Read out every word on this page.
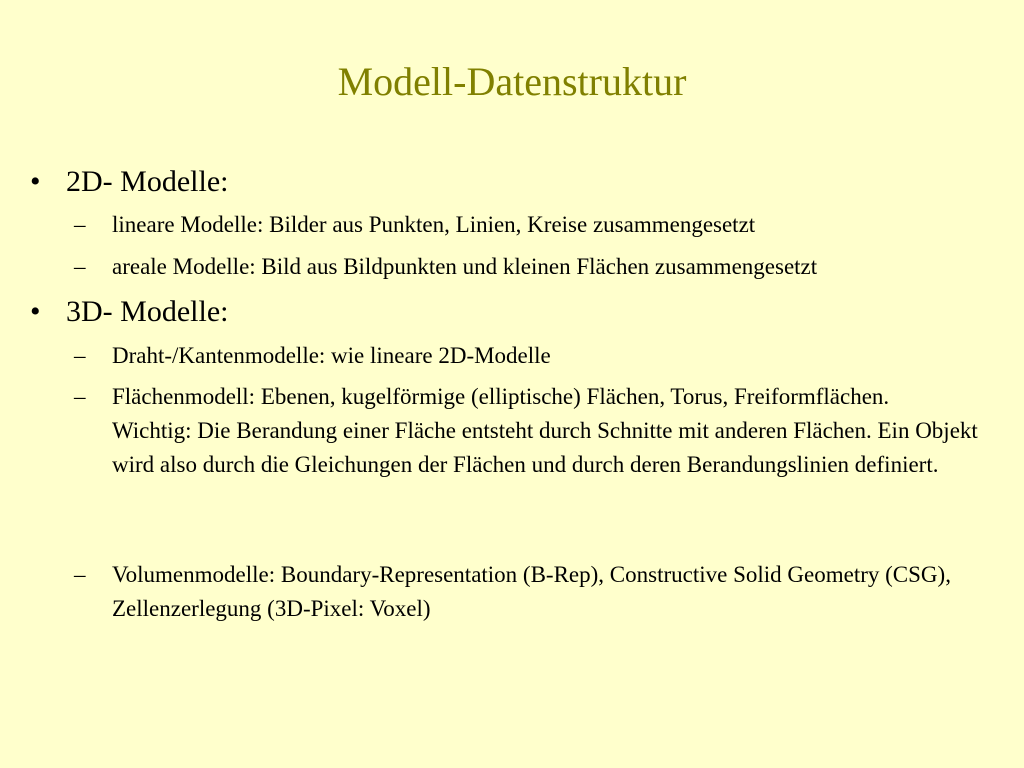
Modell-Datenstruktur
• 2D- Modelle:
– lineare Modelle: Bilder aus Punkten, Linien, Kreise zusammengesetzt
– areale Modelle: Bild aus Bildpunkten und kleinen Flächen zusammengesetzt
• 3D- Modelle:
– Draht-/Kantenmodelle: wie lineare 2D-Modelle
– Flächenmodell: Ebenen, kugelförmige (elliptische) Flächen, Torus, Freiformflächen.
Wichtig: Die Berandung einer Fläche entsteht durch Schnitte mit anderen Flächen. Ein Objekt wird also durch die Gleichungen der Flächen und durch deren Berandungslinien definiert.
– Volumenmodelle: Boundary-Representation (B-Rep), Constructive Solid Geometry (CSG), Zellenzerlegung (3D-Pixel: Voxel)
